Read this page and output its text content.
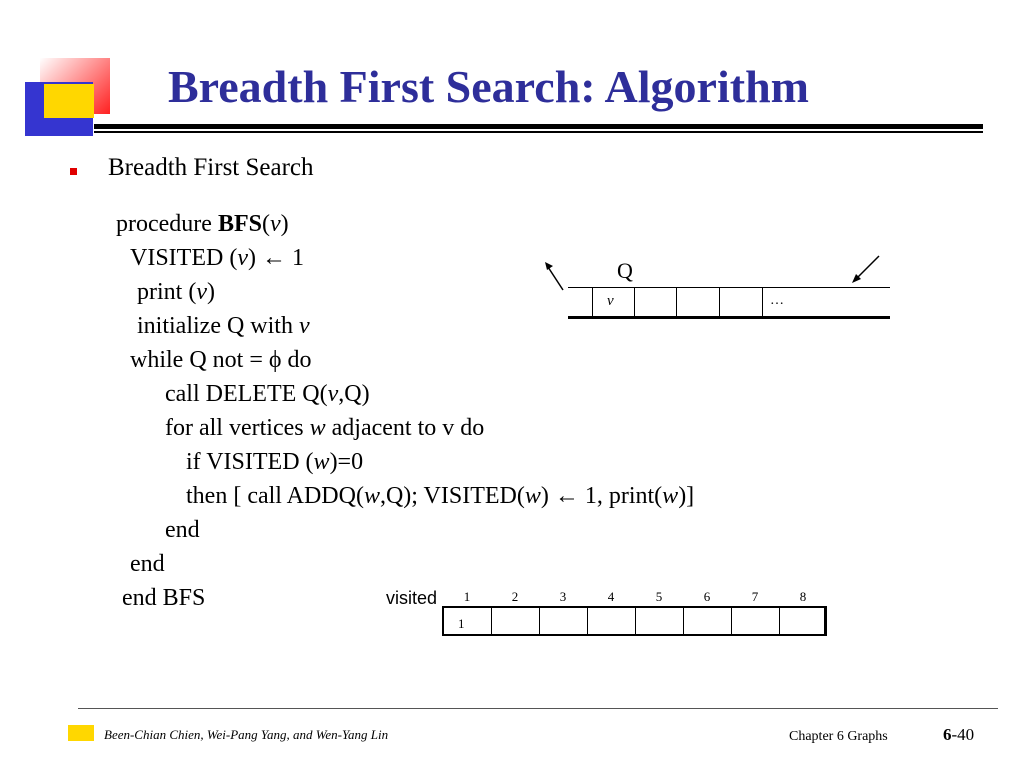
Breadth First Search: Algorithm
Breadth First Search
procedure BFS(v)
VISITED (v) ← 1
print (v)
initialize Q with v
while Q not = ϕ do
call DELETE Q(v,Q)
for all vertices w adjacent to v do
if VISITED (w)=0
then [ call ADDQ(w,Q); VISITED(w) ← 1, print(w)]
end
end
end BFS
Q
v	…
visited	1	2	3	4	5	6	7	8
1
Been-Chian Chien, Wei-Pang Yang, and Wen-Yang Lin	Chapter 6 Graphs	6-40
